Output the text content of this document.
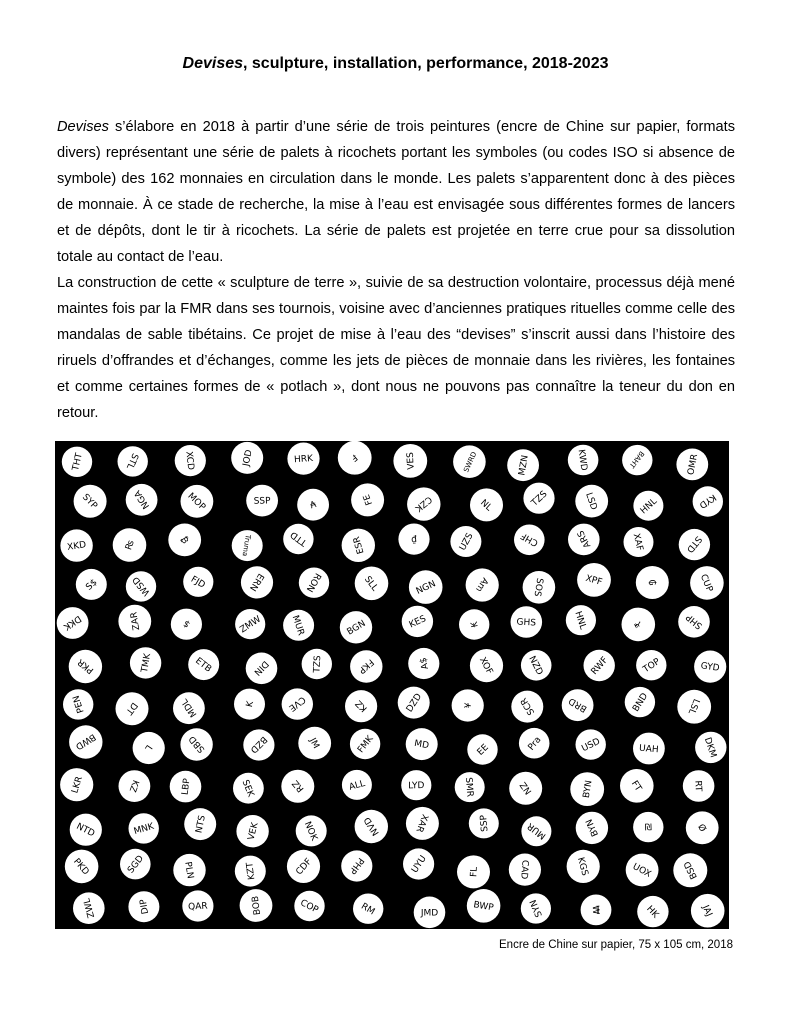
Devises, sculpture, installation, performance, 2018-2023

Devises s’élabore en 2018 à partir d’une série de trois peintures (encre de Chine sur papier, formats divers) représentant une série de palets à ricochets portant les symboles (ou codes ISO si absence de symbole) des 162 monnaies en circulation dans le monde. Les palets s’apparentent donc à des pièces de monnaie. À ce stade de recherche, la mise à l’eau est envisagée sous différentes formes de lancers et de dépôts, dont le tir à ricochets. La série de palets est projetée en terre crue pour sa dissolution totale au contact de l’eau.

La construction de cette « sculpture de terre », suivie de sa destruction volontaire, processus déjà mené maintes fois par la FMR dans ses tournois, voisine avec d’anciennes pratiques rituelles comme celle des mandalas de sable tibétains. Ce projet de mise à l’eau des “devises” s’inscrit aussi dans l’histoire des riruels d’offrandes et d’échanges, comme les jets de pièces de monnaie dans les rivières, les fontaines et comme certaines formes de « potlach », dont nous ne pouvons pas connaître la teneur du don en retour.

THT	STL	XCD	JOD	HRK	₣	VES	SWRD	MZN	KWD	BAHT	OMR
SYP	NGA	MOP	SSP	₳	FE	CZK	NL	TZS	LSD	HNL	KYD
XKD	₨	₿	Truma	TTD	ESR	₫	UZS	CHF	ARS	XAF	STD
S$	WSD	FJD	ERN	RON	SLL	NGN	Am	SOS	XPF	₲	CUP
DKK	ZAR	$	ZMW	MUR	BGN	KES	₭	GHS	HNL	₹	SHP
PKR	TMK	ETB	DIN	TZS	FKP	A$	XOF	NZD	RWF	TOP	GYD
PEN	DT	MDL	K	CVE	KZ	DZD	¥	SCR	BRD	BND	LSL
BWD	L	SBD	BZD	JM	FMK	MD	EE	Pra	USD	UAH	DKM
LKR	KZ	LBP	SEK	RZ	ALL	LYD	SMR	NZ	BYN	FT	RT
NTD	MNK	NTS	VEK	NOK	NVD	XAR	SSP	MUR	BYN	₪	Ø
PKD	SGD	PLN	KZT	CDF	PHP	UYU	FL	CAD	KGS	UOX	BSD
ZWL	DIP	QAR	BOB	COP	RM	JMD	BWP	SYN	₩	HK	JAJ
Encre de Chine sur papier, 75 x 105 cm, 2018
